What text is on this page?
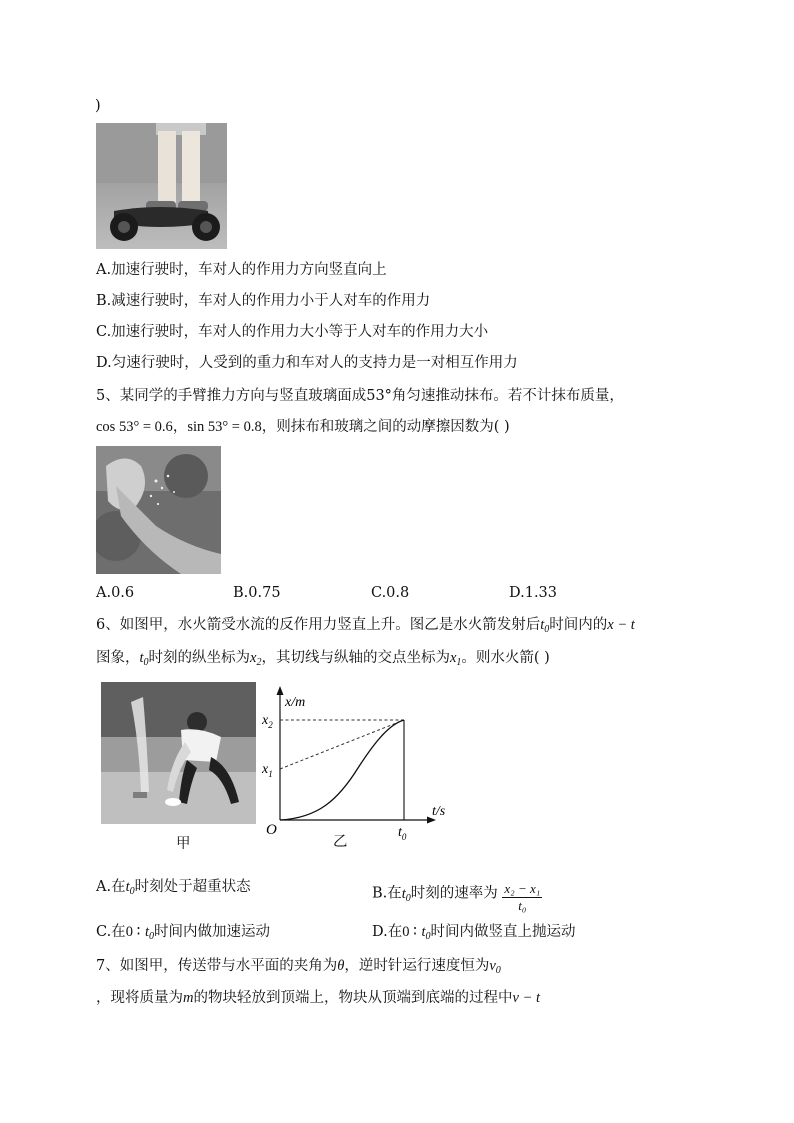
)
A.加速行驶时，车对人的作用力方向竖直向上
B.减速行驶时，车对人的作用力小于人对车的作用力
C.加速行驶时，车对人的作用力大小等于人对车的作用力大小
D.匀速行驶时，人受到的重力和车对人的支持力是一对相互作用力
5、某同学的手臂推力方向与竖直玻璃面成53°角匀速推动抹布。若不计抹布质量，
cos 53° = 0.6，sin 53° = 0.8，则抹布和玻璃之间的动摩擦因数为( )
A.0.6	B.0.75	C.0.8	D.1.33
6、如图甲，水火箭受水流的反作用力竖直上升。图乙是水火箭发射后$t_0$时间内的x − t
图象，$t_0$时刻的纵坐标为$x_2$，其切线与纵轴的交点坐标为$x_1$。则水火箭( )
甲
x/m
t/s
O
$x_2$
$x_1$
$t_0$
乙
A.在$t_0$时刻处于超重状态	B.在$t_0$时刻的速率为 $\frac{\text{x₂ − x₁}}{\text{t₀}}$
C.在0 ∶ $t_0$时间内做加速运动	D.在0 ∶ $t_0$时间内做竖直上抛运动
7、如图甲，传送带与水平面的夹角为θ，逆时针运行速度恒为$v_0$
，现将质量为m的物块轻放到顶端上，物块从顶端到底端的过程中v − t
